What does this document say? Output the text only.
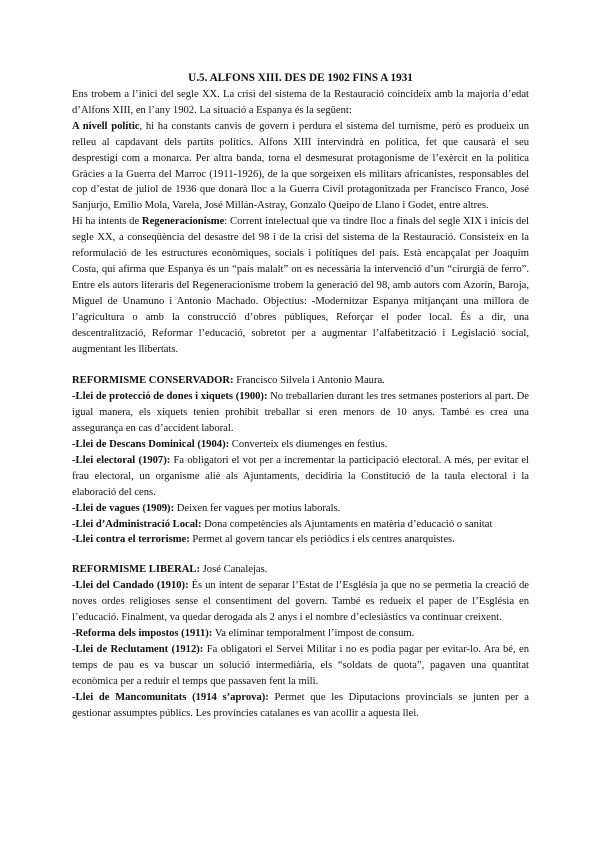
U.5. ALFONS XIII. DES DE 1902 FINS A 1931

Ens trobem a l’inici del segle XX. La crisi del sistema de la Restauració coincideix amb la majoria d’edat d’Alfons XIII, en l’any 1902. La situació a Espanya és la següent:

A nivell polític, hi ha constants canvis de govern i perdura el sistema del turnisme, però es produeix un relleu al capdavant dels partits polítics. Alfons XIII intervindrà en política, fet que causarà el seu desprestigi com a monarca. Per altra banda, torna el desmesurat protagonisme de l’exèrcit en la política Gràcies a la Guerra del Marroc (1911-1926), de la que sorgeixen els militars africanistes, responsables del cop d’estat de juliol de 1936 que donarà lloc a la Guerra Civil protagonitzada per Francisco Franco, José Sanjurjo, Emilio Mola, Varela, José Millán-Astray, Gonzalo Queipo de Llano i Godet, entre altres.

Hi ha intents de Regeneracionisme: Corrent intelectual que va tindre lloc a finals del segle XIX i inicis del segle XX, a conseqüència del desastre del 98 i de la crisi del sistema de la Restauració. Consisteix en la reformulació de les estructures econòmiques, socials i polítiques del país. Està encapçalat per Joaquim Costa, qui afirma que Espanya és un “país malalt” on es necessària la intervenció d’un “cirurgià de ferro”. Entre els autors literaris del Regeneracionisme trobem la generació del 98, amb autors com Azorín, Baroja, Miguel de Unamuno i Antonio Machado. Objectius: -Modernitzar Espanya mitjançant una millora de l’agricultura o amb la construcció d’obres públiques, Reforçar el poder local. És a dir, una descentralització, Reformar l’educació, sobretot per a augmentar l’alfabetització i Legislació social, augmentant les llibertats.

REFORMISME CONSERVADOR: Francisco Silvela i Antonio Maura.

-Llei de protecció de dones i xiquets (1900): No treballarien durant les tres setmanes posteriors al part. De igual manera, els xiquets tenien prohibit treballar si eren menors de 10 anys. També es crea una assegurança en cas d’accident laboral.

-Llei de Descans Dominical (1904): Converteix els diumenges en festius.

-Llei electoral (1907): Fa obligatori el vot per a incrementar la participació electoral. A més, per evitar el frau electoral, un organisme aliè als Ajuntaments, decidiria la Constitució de la taula electoral i la elaboració del cens.

-Llei de vagues (1909): Deixen fer vagues per motius laborals.

-Llei d’Administració Local: Dona competències als Ajuntaments en matèria d’educació o sanitat

-Llei contra el terrorisme: Permet al govern tancar els periòdics i els centres anarquistes.

REFORMISME LIBERAL: José Canalejas.

-Llei del Candado (1910): És un intent de separar l’Estat de l’Església ja que no se permetia la creació de noves ordes religioses sense el consentiment del govern. També es redueix el paper de l’Església en l’educació. Finalment, va quedar derogada als 2 anys i el nombre d’eclesiàstics va continuar creixent.

-Reforma dels impostos (1911): Va eliminar temporalment l’impost de consum.

-Llei de Reclutament (1912): Fa obligatori el Servei Militar i no es podia pagar per evitar-lo. Ara bé, en temps de pau es va buscar un solució intermediària, els “soldats de quota”, pagaven una quantitat econòmica per a reduir el temps que passaven fent la mili.

-Llei de Mancomunitats (1914 s’aprova): Permet que les Diputacions provincials se junten per a gestionar assumptes públics. Les províncies catalanes es van acollir a aquesta llei.
